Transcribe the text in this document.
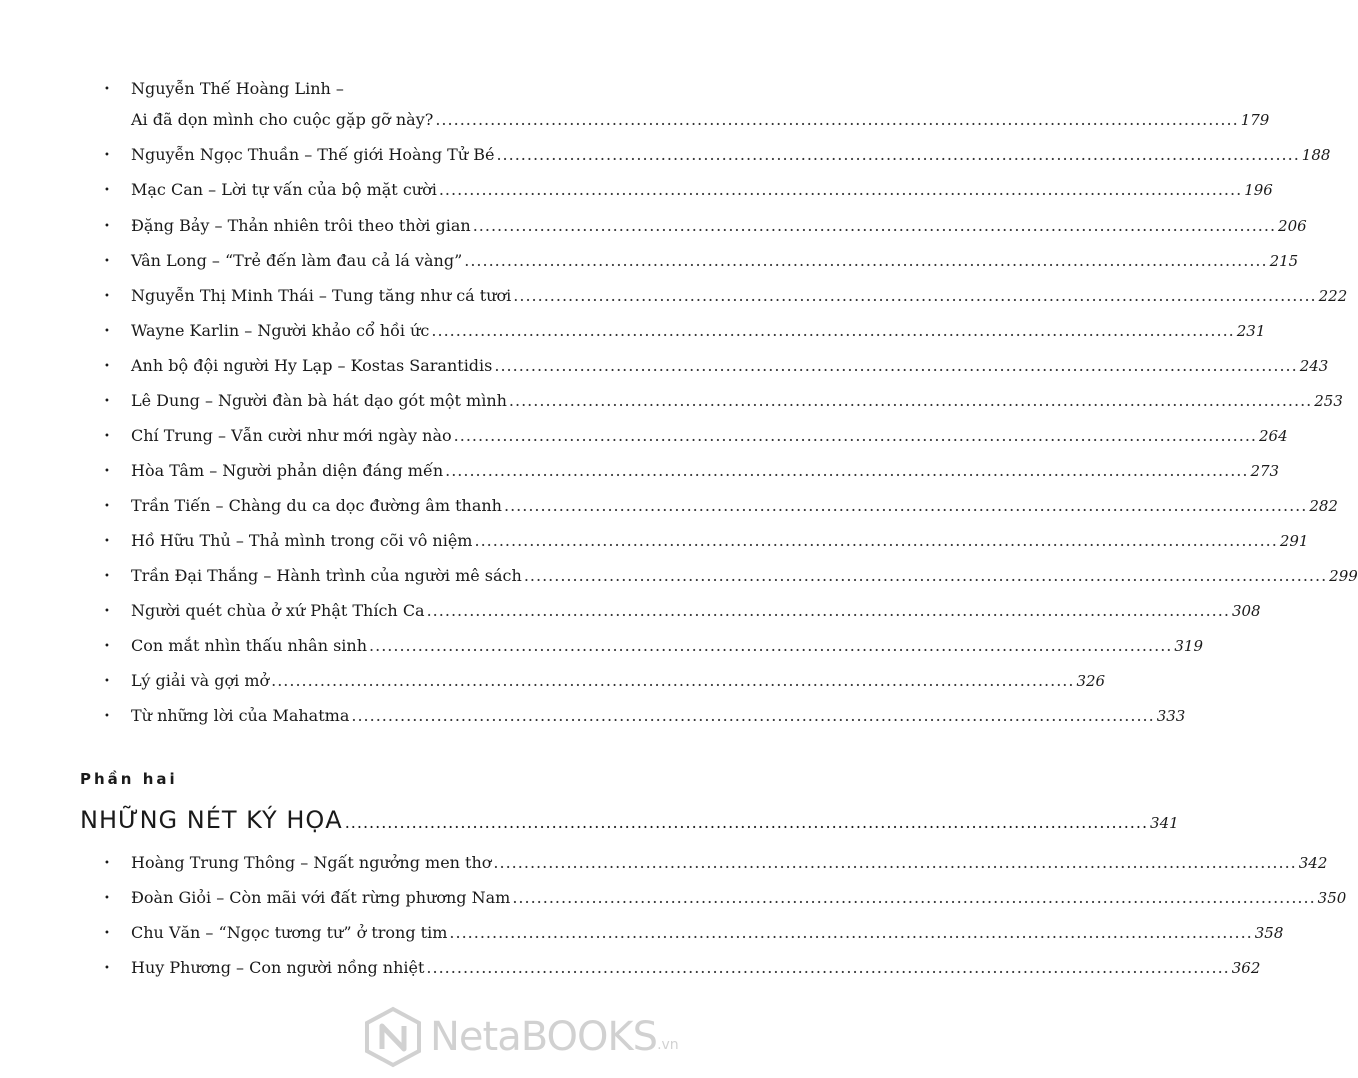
•	Nguyễn Thế Hoàng Linh –
Ai đã dọn mình cho cuộc gặp gỡ này? .....	179
•	Nguyễn Ngọc Thuần – Thế giới Hoàng Tử Bé .....	188
•	Mạc Can – Lời tự vấn của bộ mặt cười .....	196
•	Đặng Bảy – Thản nhiên trôi theo thời gian .....	206
•	Vân Long – “Trẻ đến làm đau cả lá vàng” .....	215
•	Nguyễn Thị Minh Thái – Tung tăng như cá tươi .....	222
•	Wayne Karlin – Người khảo cổ hồi ức .....	231
•	Anh bộ đội người Hy Lạp – Kostas Sarantidis .....	243
•	Lê Dung – Người đàn bà hát dạo gót một mình .....	253
•	Chí Trung – Vẫn cười như mới ngày nào .....	264
•	Hòa Tâm – Người phản diện đáng mến .....	273
•	Trần Tiến – Chàng du ca dọc đường âm thanh .....	282
•	Hồ Hữu Thủ – Thả mình trong cõi vô niệm .....	291
•	Trần Đại Thắng – Hành trình của người mê sách .....	299
•	Người quét chùa ở xứ Phật Thích Ca .....	308
•	Con mắt nhìn thấu nhân sinh .....	319
•	Lý giải và gợi mở .....	326
•	Từ những lời của Mahatma .....	333
Phần hai
NHỮNG NÉT KÝ HỌA .....	341
•	Hoàng Trung Thông – Ngất ngưởng men thơ .....	342
•	Đoàn Giỏi – Còn mãi với đất rừng phương Nam .....	350
•	Chu Văn – “Ngọc tương tư” ở trong tim .....	358
•	Huy Phương – Con người nồng nhiệt .....	362
NetaBOOKS .vn
